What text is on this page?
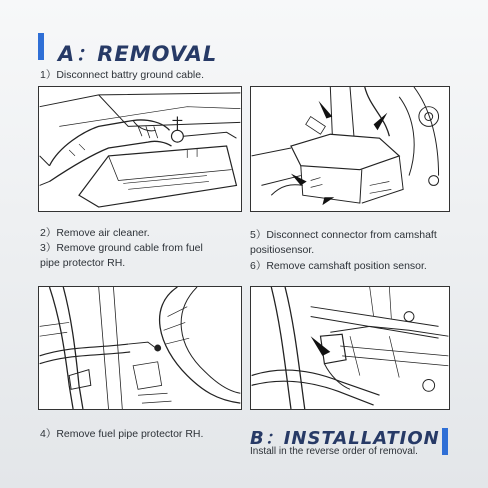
A：REMOVAL
1）Disconnect battry ground cable.
2）Remove air cleaner.
3）Remove ground cable from fuel
pipe protector RH.
5）Disconnect connector from camshaft
positiosensor.
6）Remove camshaft position sensor.
4）Remove fuel pipe protector RH.	B：INSTALLATION
Install in the reverse order of removal.
